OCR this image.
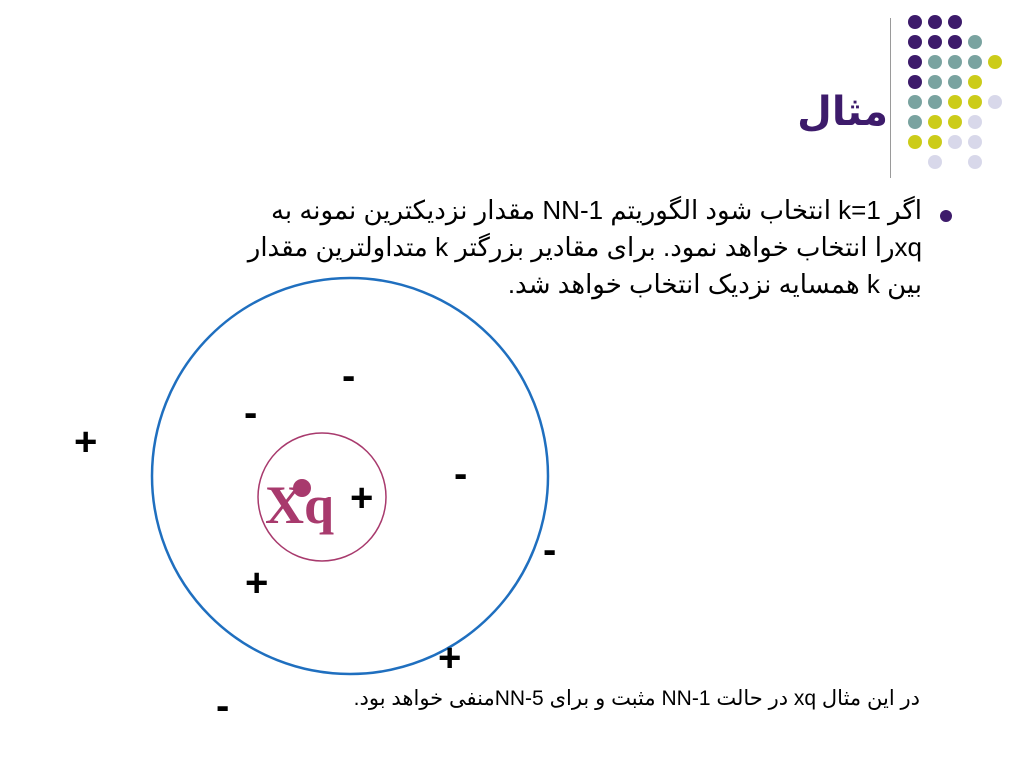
مثال
اگر k=1 انتخاب شود الگوریتم 1-NN مقدار نزدیکترین نمونه به
xqرا انتخاب خواهد نمود. برای مقادیر بزرگتر k متداولترین مقدار
بین k همسایه نزدیک انتخاب خواهد شد.
Xq
+
+
+
+
-
-
-
-
-	در این مثال xq در حالت 1-NN مثبت و برای 5-NNمنفی خواهد بود.
